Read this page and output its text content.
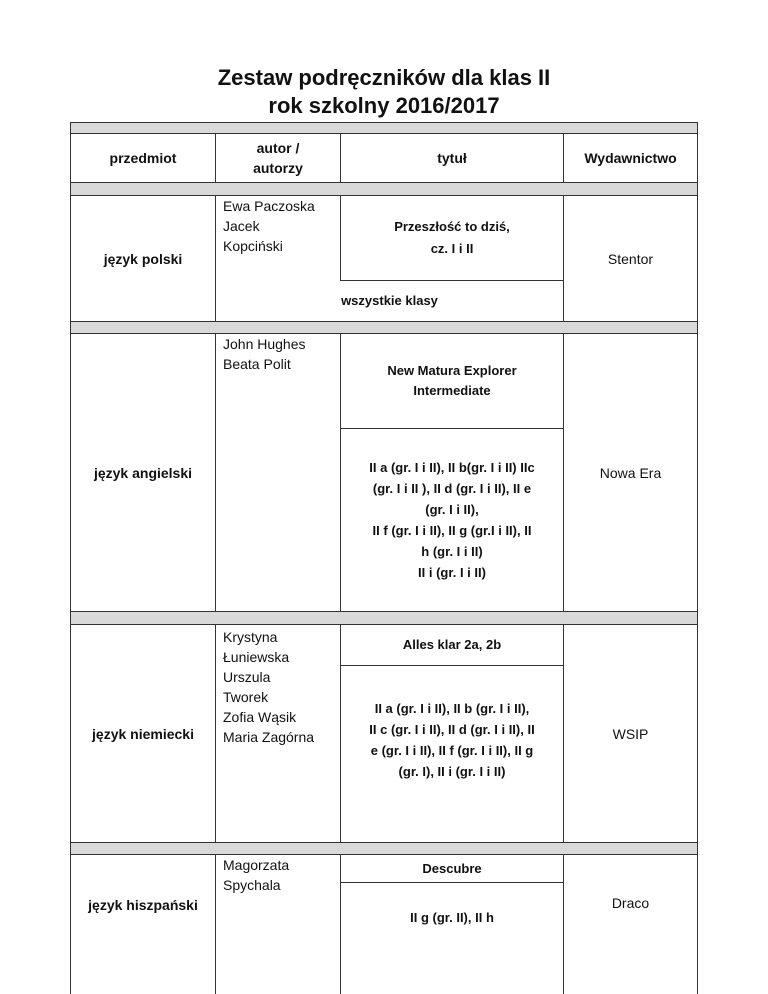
Zestaw podręczników dla klas II
rok szkolny 2016/2017
przedmiot
autor /
autorzy
tytuł	Wydawnictwo
język polski
Ewa Paczoska
Jacek
Kopciński
Przeszłość to dziś,
cz. I i II
wszystkie klasy
Stentor
język angielski
John Hughes
Beata Polit	New Matura Explorer
Intermediate
II a (gr. I i II), II b(gr. I i II) IIc
(gr. I i II ), II d (gr. I i II), II e
(gr. I i II),
II f (gr. I i II), II g (gr.I i II), II
h (gr. I i II)
II i (gr. I i II)
Nowa Era
język niemiecki
Krystyna
Łuniewska
Urszula
Tworek
Zofia Wąsik
Maria Zagórna
Alles klar 2a, 2b
II a (gr. I i II), II b (gr. I i II),
II c (gr. I i II), II d (gr. I i II), II
e (gr. I i II), II f (gr. I i II), II g
(gr. I), II i (gr. I i II)
WSIP
język hiszpański
Magorzata
Spychala
Descubre
II g (gr. II), II h
Draco
